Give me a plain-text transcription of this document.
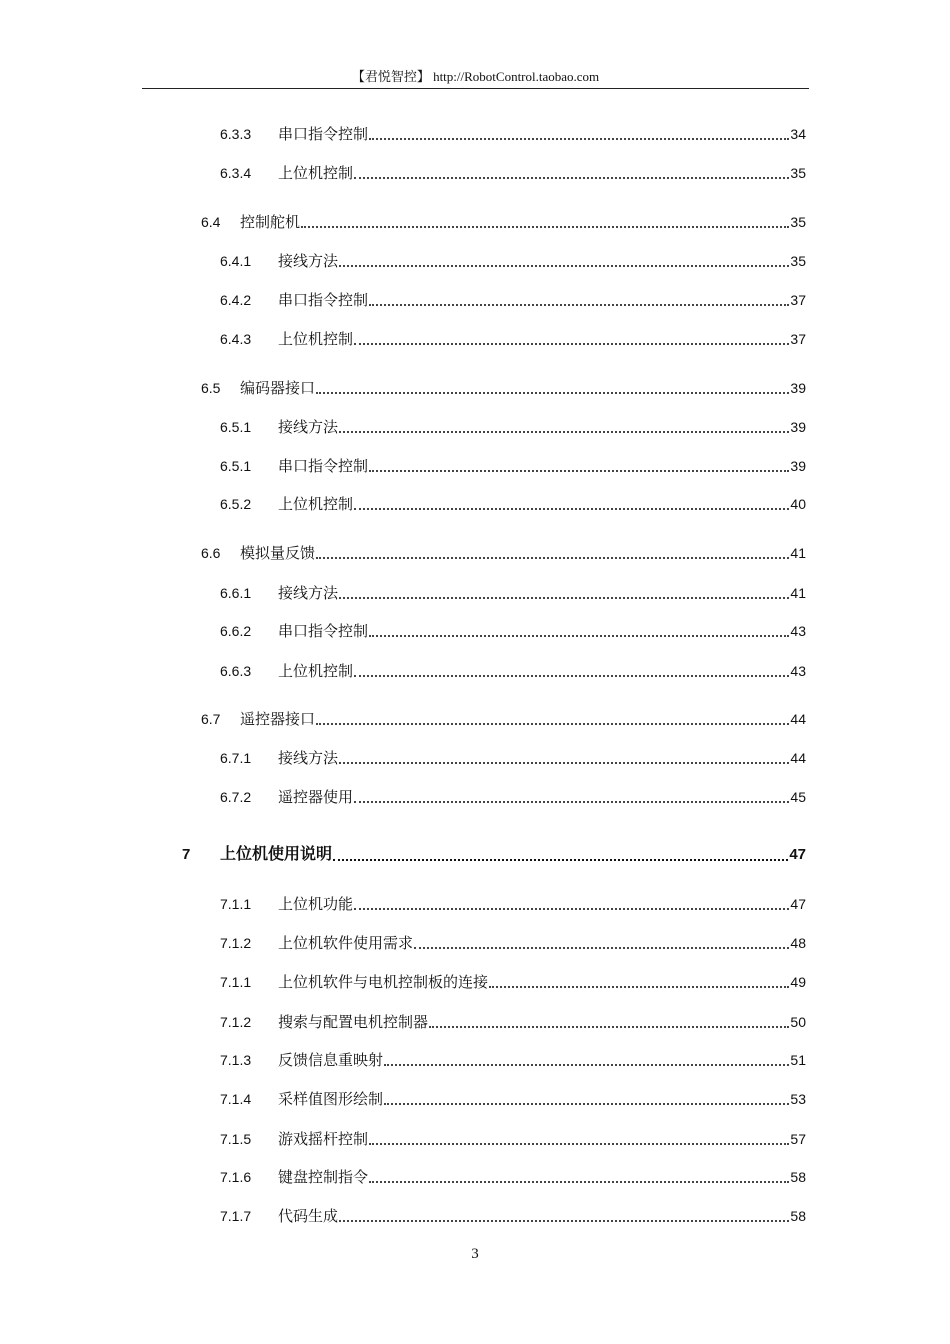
【君悦智控】 http://RobotControl.taobao.com
6.3.3	串口指令控制	34
6.3.4	上位机控制	35
6.4	控制舵机	35
6.4.1	接线方法	35
6.4.2	串口指令控制	37
6.4.3	上位机控制	37
6.5	编码器接口	39
6.5.1	接线方法	39
6.5.1	串口指令控制	39
6.5.2	上位机控制	40
6.6	模拟量反馈	41
6.6.1	接线方法	41
6.6.2	串口指令控制	43
6.6.3	上位机控制	43
6.7	遥控器接口	44
6.7.1	接线方法	44
6.7.2	遥控器使用	45
7	上位机使用说明	47
7.1.1	上位机功能	47
7.1.2	上位机软件使用需求	48
7.1.1	上位机软件与电机控制板的连接	49
7.1.2	搜索与配置电机控制器	50
7.1.3	反馈信息重映射	51
7.1.4	采样值图形绘制	53
7.1.5	游戏摇杆控制	57
7.1.6	键盘控制指令	58
7.1.7	代码生成	58
3
